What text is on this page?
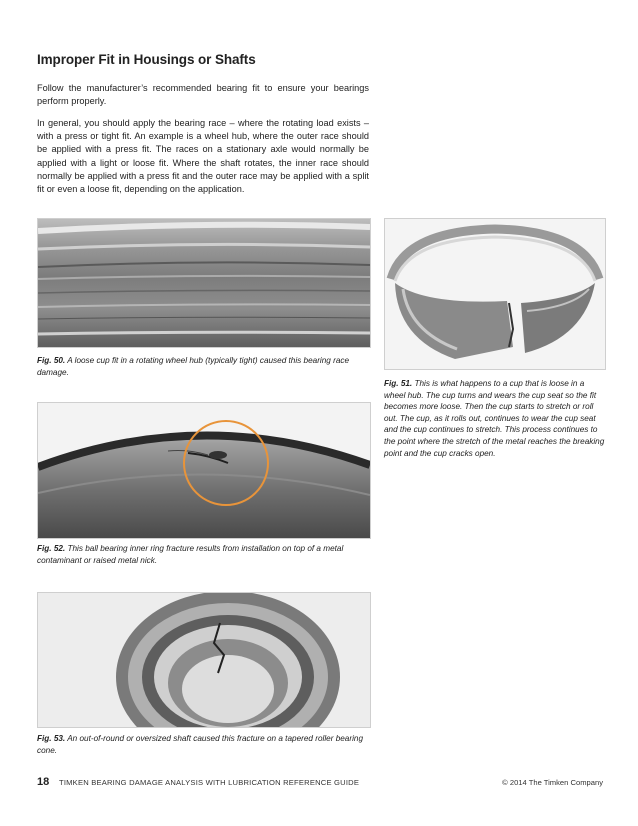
Improper Fit in Housings or Shafts

Follow the manufacturer’s recommended bearing fit to ensure your bearings perform properly.

In general, you should apply the bearing race – where the rotating load exists – with a press or tight fit. An example is a wheel hub, where the outer race should be applied with a press fit. The races on a stationary axle would normally be applied with a light or loose fit. Where the shaft rotates, the inner race should normally be applied with a press fit and the outer race may be applied with a split fit or even a loose fit, depending on the application.

Fig. 50. A loose cup fit in a rotating wheel hub (typically tight) caused this bearing race damage.

Fig. 51. This is what happens to a cup that is loose in a wheel hub. The cup turns and wears the cup seat so the fit becomes more loose. Then the cup starts to stretch or roll out. The cup, as it rolls out, continues to wear the cup seat and the cup continues to stretch. This process continues to the point where the stretch of the metal reaches the breaking point and the cup cracks open.

Fig. 52. This ball bearing inner ring fracture results from installation on top of a metal contaminant or raised metal nick.

Fig. 53. An out-of-round or oversized shaft caused this fracture on a tapered roller bearing cone.

18 TIMKEN BEARING DAMAGE ANALYSIS WITH LUBRICATION REFERENCE GUIDE	© 2014 The Timken Company
